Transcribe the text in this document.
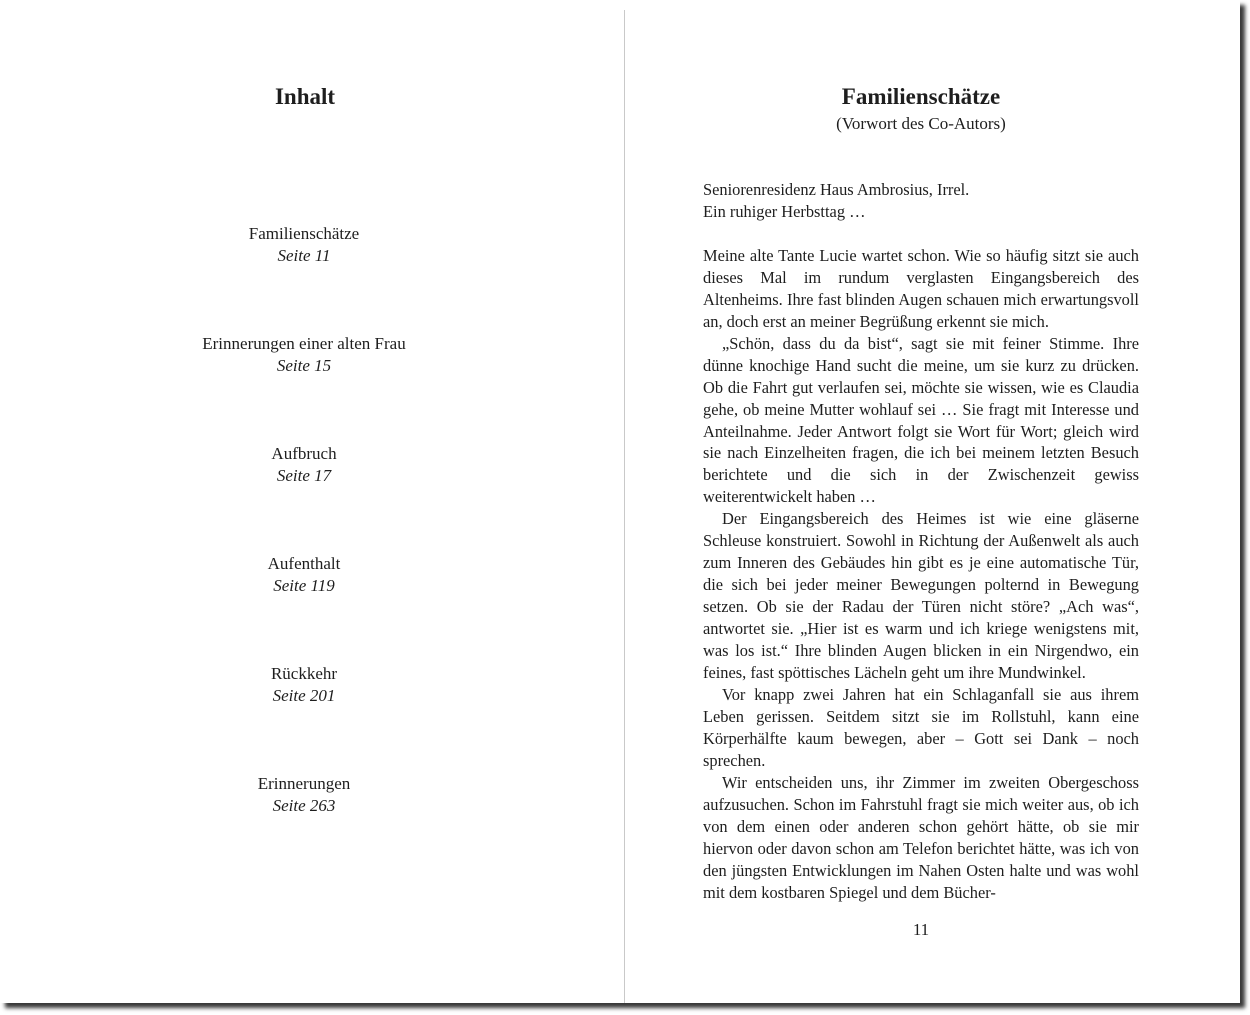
Inhalt
Familienschätze
Seite 11
Erinnerungen einer alten Frau
Seite 15
Aufbruch
Seite 17
Aufenthalt
Seite 119
Rückkehr
Seite 201
Erinnerungen
Seite 263
Familienschätze
(Vorwort des Co-Autors)

Seniorenresidenz Haus Ambrosius, Irrel.

Ein ruhiger Herbsttag …

Meine alte Tante Lucie wartet schon. Wie so häufig sitzt sie auch dieses Mal im rundum verglasten Eingangsbereich des Altenheims. Ihre fast blinden Augen schauen mich erwartungsvoll an, doch erst an meiner Begrüßung erkennt sie mich.

„Schön, dass du da bist“, sagt sie mit feiner Stimme. Ihre dünne knochige Hand sucht die meine, um sie kurz zu drücken. Ob die Fahrt gut verlaufen sei, möchte sie wissen, wie es Claudia gehe, ob meine Mutter wohlauf sei … Sie fragt mit Interesse und Anteilnahme. Jeder Antwort folgt sie Wort für Wort; gleich wird sie nach Einzelheiten fragen, die ich bei meinem letzten Besuch berichtete und die sich in der Zwischenzeit gewiss weiterentwickelt haben …

Der Eingangsbereich des Heimes ist wie eine gläserne Schleuse konstruiert. Sowohl in Richtung der Außenwelt als auch zum Inneren des Gebäudes hin gibt es je eine automatische Tür, die sich bei jeder meiner Bewegungen polternd in Bewegung setzen. Ob sie der Radau der Türen nicht störe? „Ach was“, antwortet sie. „Hier ist es warm und ich kriege wenigstens mit, was los ist.“ Ihre blinden Augen blicken in ein Nirgendwo, ein feines, fast spöttisches Lächeln geht um ihre Mundwinkel.

Vor knapp zwei Jahren hat ein Schlaganfall sie aus ihrem Leben gerissen. Seitdem sitzt sie im Rollstuhl, kann eine Körperhälfte kaum bewegen, aber – Gott sei Dank – noch sprechen.

Wir entscheiden uns, ihr Zimmer im zweiten Obergeschoss aufzusuchen. Schon im Fahrstuhl fragt sie mich weiter aus, ob ich von dem einen oder anderen schon gehört hätte, ob sie mir hiervon oder davon schon am Telefon berichtet hätte, was ich von den jüngsten Entwicklungen im Nahen Osten halte und was wohl mit dem kostbaren Spiegel und dem Bücher-

11
